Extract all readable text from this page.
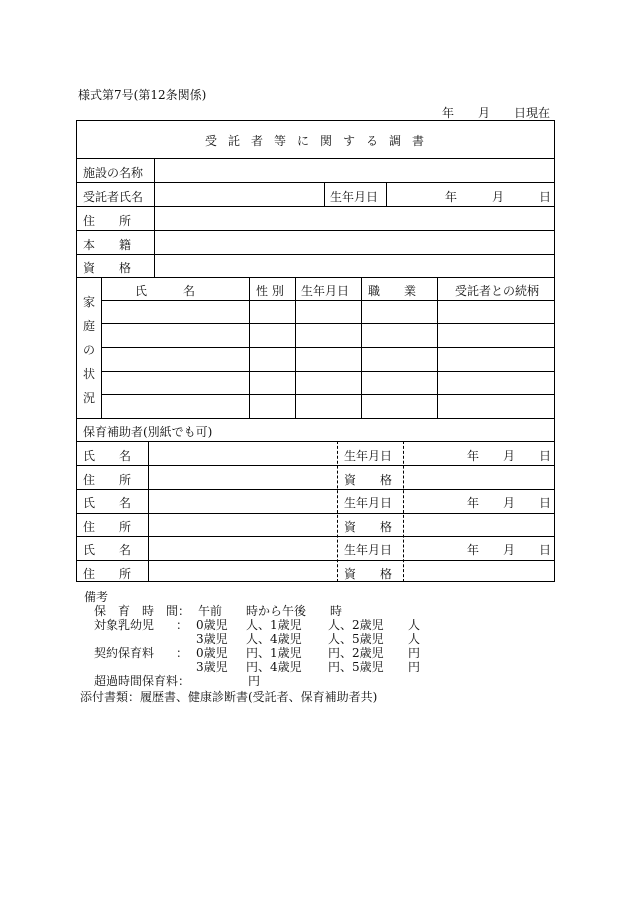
様式第7号(第12条関係)
年 月 日現在
受託者等に関する調書
施設の名称
受託者氏名	生年月日	年	月	日
住　　所
本　　籍
資　　格
家
庭
の
状
況
氏　　　名	性 別 生年月日 職　　業	受託者との続柄
保育補助者(別紙でも可)
氏　　名	生年月日	年 月 日
住　　所	資　　格
氏　　名	生年月日	年 月 日
住　　所	資　　格
氏　　名	生年月日	年 月 日
住　　所	資　　格
備考
保　育　時　間： 午前　　時から午後　　時
対象乳幼児 ： 0歳児 人、1歳児 人、2歳児 人
3歳児 人、4歳児 人、5歳児 人
契約保育料 ： 0歳児 円、1歳児 円、2歳児 円
3歳児 円、4歳児 円、5歳児 円
超過時間保育料：	円
添付書類：履歴書、健康診断書(受託者、保育補助者共)
